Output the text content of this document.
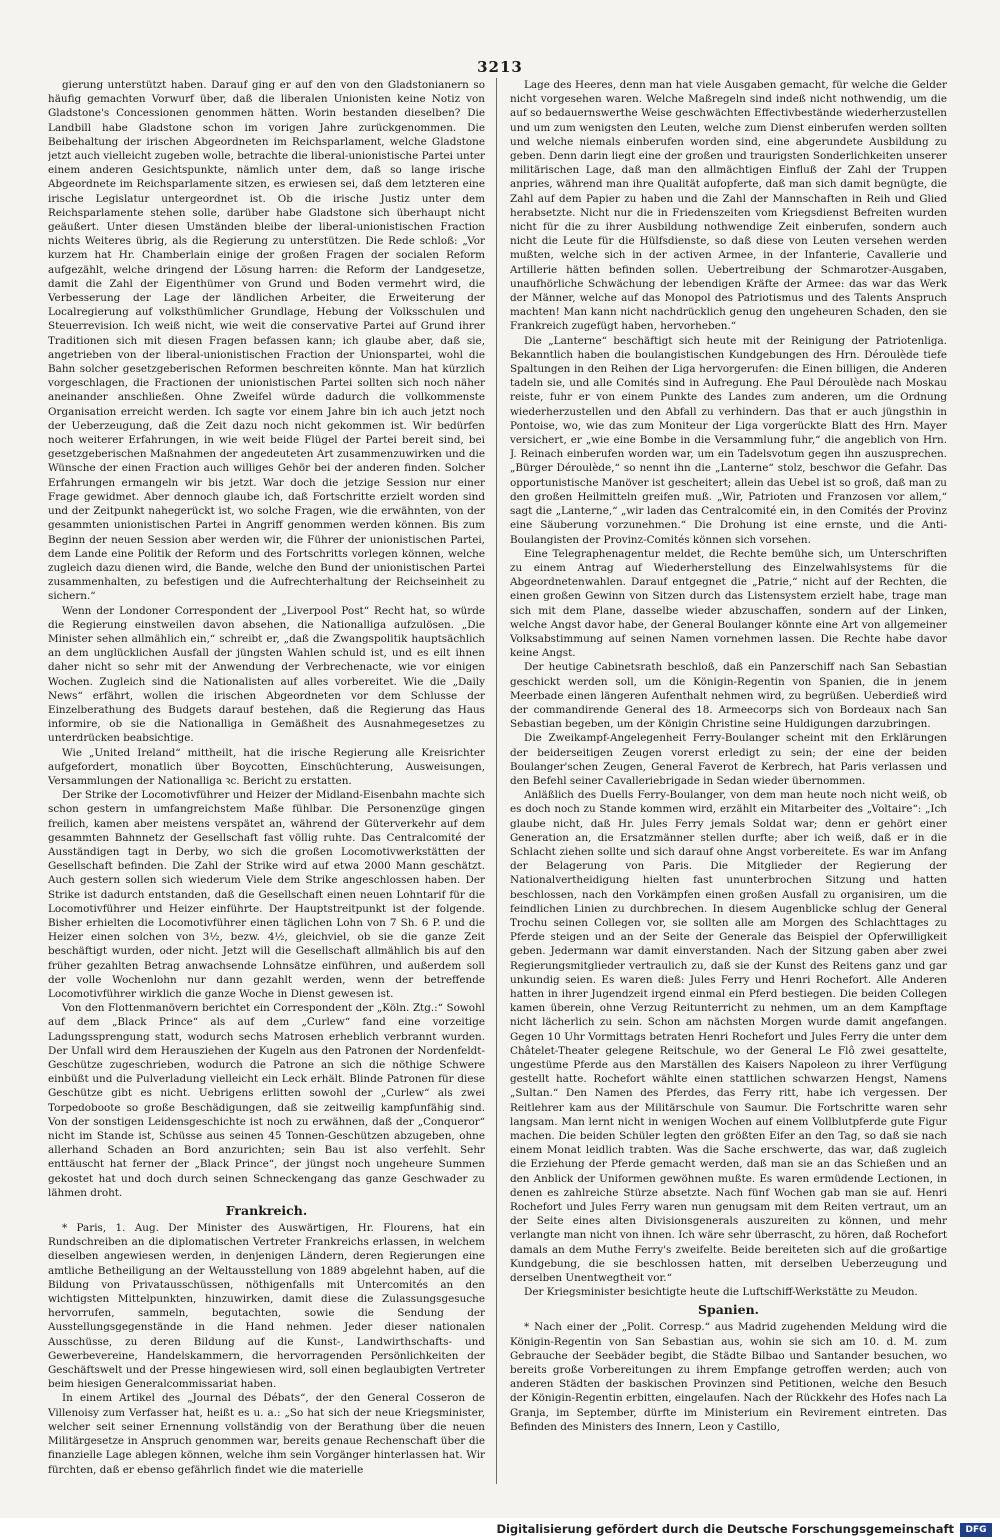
3213

gierung unterstützt haben. Darauf ging er auf den von den Gladstonianern so häufig gemachten Vorwurf über, daß die liberalen Unionisten keine Notiz von Gladstone's Concessionen genommen hätten. Worin bestanden dieselben? Die Landbill habe Gladstone schon im vorigen Jahre zurückgenommen. Die Beibehaltung der irischen Abgeordneten im Reichsparlament, welche Gladstone jetzt auch vielleicht zugeben wolle, betrachte die liberal-unionistische Partei unter einem anderen Gesichtspunkte, nämlich unter dem, daß so lange irische Abgeordnete im Reichsparlamente sitzen, es erwiesen sei, daß dem letzteren eine irische Legislatur untergeordnet ist. Ob die irische Justiz unter dem Reichsparlamente stehen solle, darüber habe Gladstone sich überhaupt nicht geäußert. Unter diesen Umständen bleibe der liberal-unionistischen Fraction nichts Weiteres übrig, als die Regierung zu unterstützen. Die Rede schloß: „Vor kurzem hat Hr. Chamberlain einige der großen Fragen der socialen Reform aufgezählt, welche dringend der Lösung harren: die Reform der Landgesetze, damit die Zahl der Eigenthümer von Grund und Boden vermehrt wird, die Verbesserung der Lage der ländlichen Arbeiter, die Erweiterung der Localregierung auf volksthümlicher Grundlage, Hebung der Volksschulen und Steuerrevision. Ich weiß nicht, wie weit die conservative Partei auf Grund ihrer Traditionen sich mit diesen Fragen befassen kann; ich glaube aber, daß sie, angetrieben von der liberal-unionistischen Fraction der Unionspartei, wohl die Bahn solcher gesetzgeberischen Reformen beschreiten könnte. Man hat kürzlich vorgeschlagen, die Fractionen der unionistischen Partei sollten sich noch näher aneinander anschließen. Ohne Zweifel würde dadurch die vollkommenste Organisation erreicht werden. Ich sagte vor einem Jahre bin ich auch jetzt noch der Ueberzeugung, daß die Zeit dazu noch nicht gekommen ist. Wir bedürfen noch weiterer Erfahrungen, in wie weit beide Flügel der Partei bereit sind, bei gesetzgeberischen Maßnahmen der angedeuteten Art zusammenzuwirken und die Wünsche der einen Fraction auch williges Gehör bei der anderen finden. Solcher Erfahrungen ermangeln wir bis jetzt. War doch die jetzige Session nur einer Frage gewidmet. Aber dennoch glaube ich, daß Fortschritte erzielt worden sind und der Zeitpunkt nahegerückt ist, wo solche Fragen, wie die erwähnten, von der gesammten unionistischen Partei in Angriff genommen werden können. Bis zum Beginn der neuen Session aber werden wir, die Führer der unionistischen Partei, dem Lande eine Politik der Reform und des Fortschritts vorlegen können, welche zugleich dazu dienen wird, die Bande, welche den Bund der unionistischen Partei zusammenhalten, zu befestigen und die Aufrechterhaltung der Reichseinheit zu sichern.“

Wenn der Londoner Correspondent der „Liverpool Post“ Recht hat, so würde die Regierung einstweilen davon absehen, die Nationalliga aufzulösen. „Die Minister sehen allmählich ein,“ schreibt er, „daß die Zwangspolitik hauptsächlich an dem unglücklichen Ausfall der jüngsten Wahlen schuld ist, und es eilt ihnen daher nicht so sehr mit der Anwendung der Verbrechenacte, wie vor einigen Wochen. Zugleich sind die Nationalisten auf alles vorbereitet. Wie die „Daily News“ erfährt, wollen die irischen Abgeordneten vor dem Schlusse der Einzelberathung des Budgets darauf bestehen, daß die Regierung das Haus informire, ob sie die Nationalliga in Gemäßheit des Ausnahmegesetzes zu unterdrücken beabsichtige.

Wie „United Ireland“ mittheilt, hat die irische Regierung alle Kreisrichter aufgefordert, monatlich über Boycotten, Einschüchterung, Ausweisungen, Versammlungen der Nationalliga ꝛc. Bericht zu erstatten.

Der Strike der Locomotivführer und Heizer der Midland-Eisenbahn machte sich schon gestern in umfangreichstem Maße fühlbar. Die Personenzüge gingen freilich, kamen aber meistens verspätet an, während der Güterverkehr auf dem gesammten Bahnnetz der Gesellschaft fast völlig ruhte. Das Centralcomité der Ausständigen tagt in Derby, wo sich die großen Locomotivwerkstätten der Gesellschaft befinden. Die Zahl der Strike wird auf etwa 2000 Mann geschätzt. Auch gestern sollen sich wiederum Viele dem Strike angeschlossen haben. Der Strike ist dadurch entstanden, daß die Gesellschaft einen neuen Lohntarif für die Locomotivführer und Heizer einführte. Der Hauptstreitpunkt ist der folgende. Bisher erhielten die Locomotivführer einen täglichen Lohn von 7 Sh. 6 P. und die Heizer einen solchen von 3½, bezw. 4½, gleichviel, ob sie die ganze Zeit beschäftigt wurden, oder nicht. Jetzt will die Gesellschaft allmählich bis auf den früher gezahlten Betrag anwachsende Lohnsätze einführen, und außerdem soll der volle Wochenlohn nur dann gezahlt werden, wenn der betreffende Locomotivführer wirklich die ganze Woche in Dienst gewesen ist.

Von den Flottenmanövern berichtet ein Correspondent der „Köln. Ztg.:“ Sowohl auf dem „Black Prince“ als auf dem „Curlew“ fand eine vorzeitige Ladungssprengung statt, wodurch sechs Matrosen erheblich verbrannt wurden. Der Unfall wird dem Herausziehen der Kugeln aus den Patronen der Nordenfeldt-Geschütze zugeschrieben, wodurch die Patrone an sich die nöthige Schwere einbüßt und die Pulverladung vielleicht ein Leck erhält. Blinde Patronen für diese Geschütze gibt es nicht. Uebrigens erlitten sowohl der „Curlew“ als zwei Torpedoboote so große Beschädigungen, daß sie zeitweilig kampfunfähig sind. Von der sonstigen Leidensgeschichte ist noch zu erwähnen, daß der „Conqueror“ nicht im Stande ist, Schüsse aus seinen 45 Tonnen-Geschützen abzugeben, ohne allerhand Schaden an Bord anzurichten; sein Bau ist also verfehlt. Sehr enttäuscht hat ferner der „Black Prince“, der jüngst noch ungeheure Summen gekostet hat und doch durch seinen Schneckengang das ganze Geschwader zu lähmen droht.

Frankreich.

* Paris, 1. Aug. Der Minister des Auswärtigen, Hr. Flourens, hat ein Rundschreiben an die diplomatischen Vertreter Frankreichs erlassen, in welchem dieselben angewiesen werden, in denjenigen Ländern, deren Regierungen eine amtliche Betheiligung an der Weltausstellung von 1889 abgelehnt haben, auf die Bildung von Privatausschüssen, nöthigenfalls mit Untercomités an den wichtigsten Mittelpunkten, hinzuwirken, damit diese die Zulassungsgesuche hervorrufen, sammeln, begutachten, sowie die Sendung der Ausstellungsgegenstände in die Hand nehmen. Jeder dieser nationalen Ausschüsse, zu deren Bildung auf die Kunst-, Landwirthschafts- und Gewerbevereine, Handelskammern, die hervorragenden Persönlichkeiten der Geschäftswelt und der Presse hingewiesen wird, soll einen beglaubigten Vertreter beim hiesigen Generalcommissariat haben.

In einem Artikel des „Journal des Débats“, der den General Cosseron de Villenoisy zum Verfasser hat, heißt es u. a.: „So hat sich der neue Kriegsminister, welcher seit seiner Ernennung vollständig von der Berathung über die neuen Militärgesetze in Anspruch genommen war, bereits genaue Rechenschaft über die finanzielle Lage ablegen können, welche ihm sein Vorgänger hinterlassen hat. Wir fürchten, daß er ebenso gefährlich findet wie die materielle

Lage des Heeres, denn man hat viele Ausgaben gemacht, für welche die Gelder nicht vorgesehen waren. Welche Maßregeln sind indeß nicht nothwendig, um die auf so bedauernswerthe Weise geschwächten Effectivbestände wiederherzustellen und um zum wenigsten den Leuten, welche zum Dienst einberufen werden sollten und welche niemals einberufen worden sind, eine abgerundete Ausbildung zu geben. Denn darin liegt eine der großen und traurigsten Sonderlichkeiten unserer militärischen Lage, daß man den allmächtigen Einfluß der Zahl der Truppen anpries, während man ihre Qualität aufopferte, daß man sich damit begnügte, die Zahl auf dem Papier zu haben und die Zahl der Mannschaften in Reih und Glied herabsetzte. Nicht nur die in Friedenszeiten vom Kriegsdienst Befreiten wurden nicht für die zu ihrer Ausbildung nothwendige Zeit einberufen, sondern auch nicht die Leute für die Hülfsdienste, so daß diese von Leuten versehen werden mußten, welche sich in der activen Armee, in der Infanterie, Cavallerie und Artillerie hätten befinden sollen. Uebertreibung der Schmarotzer-Ausgaben, unaufhörliche Schwächung der lebendigen Kräfte der Armee: das war das Werk der Männer, welche auf das Monopol des Patriotismus und des Talents Anspruch machten! Man kann nicht nachdrücklich genug den ungeheuren Schaden, den sie Frankreich zugefügt haben, hervorheben.“

Die „Lanterne“ beschäftigt sich heute mit der Reinigung der Patriotenliga. Bekanntlich haben die boulangistischen Kundgebungen des Hrn. Déroulède tiefe Spaltungen in den Reihen der Liga hervorgerufen: die Einen billigen, die Anderen tadeln sie, und alle Comités sind in Aufregung. Ehe Paul Déroulède nach Moskau reiste, fuhr er von einem Punkte des Landes zum anderen, um die Ordnung wiederherzustellen und den Abfall zu verhindern. Das that er auch jüngsthin in Pontoise, wo, wie das zum Moniteur der Liga vorgerückte Blatt des Hrn. Mayer versichert, er „wie eine Bombe in die Versammlung fuhr,“ die angeblich von Hrn. J. Reinach einberufen worden war, um ein Tadelsvotum gegen ihn auszusprechen. „Bürger Déroulède,“ so nennt ihn die „Lanterne“ stolz, beschwor die Gefahr. Das opportunistische Manöver ist gescheitert; allein das Uebel ist so groß, daß man zu den großen Heilmitteln greifen muß. „Wir, Patrioten und Franzosen vor allem,“ sagt die „Lanterne,“ „wir laden das Centralcomité ein, in den Comités der Provinz eine Säuberung vorzunehmen.“ Die Drohung ist eine ernste, und die Anti-Boulangisten der Provinz-Comités können sich vorsehen.

Eine Telegraphenagentur meldet, die Rechte bemühe sich, um Unterschriften zu einem Antrag auf Wiederherstellung des Einzelwahlsystems für die Abgeordnetenwahlen. Darauf entgegnet die „Patrie,“ nicht auf der Rechten, die einen großen Gewinn von Sitzen durch das Listensystem erzielt habe, trage man sich mit dem Plane, dasselbe wieder abzuschaffen, sondern auf der Linken, welche Angst davor habe, der General Boulanger könnte eine Art von allgemeiner Volksabstimmung auf seinen Namen vornehmen lassen. Die Rechte habe davor keine Angst.

Der heutige Cabinetsrath beschloß, daß ein Panzerschiff nach San Sebastian geschickt werden soll, um die Königin-Regentin von Spanien, die in jenem Meerbade einen längeren Aufenthalt nehmen wird, zu begrüßen. Ueberdieß wird der commandirende General des 18. Armeecorps sich von Bordeaux nach San Sebastian begeben, um der Königin Christine seine Huldigungen darzubringen.

Die Zweikampf-Angelegenheit Ferry-Boulanger scheint mit den Erklärungen der beiderseitigen Zeugen vorerst erledigt zu sein; der eine der beiden Boulanger'schen Zeugen, General Faverot de Kerbrech, hat Paris verlassen und den Befehl seiner Cavalleriebrigade in Sedan wieder übernommen.

Anläßlich des Duells Ferry-Boulanger, von dem man heute noch nicht weiß, ob es doch noch zu Stande kommen wird, erzählt ein Mitarbeiter des „Voltaire“: „Ich glaube nicht, daß Hr. Jules Ferry jemals Soldat war; denn er gehört einer Generation an, die Ersatzmänner stellen durfte; aber ich weiß, daß er in die Schlacht ziehen sollte und sich darauf ohne Angst vorbereitete. Es war im Anfang der Belagerung von Paris. Die Mitglieder der Regierung der Nationalvertheidigung hielten fast ununterbrochen Sitzung und hatten beschlossen, nach den Vorkämpfen einen großen Ausfall zu organisiren, um die feindlichen Linien zu durchbrechen. In diesem Augenblicke schlug der General Trochu seinen Collegen vor, sie sollten alle am Morgen des Schlachttages zu Pferde steigen und an der Seite der Generale das Beispiel der Opferwilligkeit geben. Jedermann war damit einverstanden. Nach der Sitzung gaben aber zwei Regierungsmitglieder vertraulich zu, daß sie der Kunst des Reitens ganz und gar unkundig seien. Es waren dieß: Jules Ferry und Henri Rochefort. Alle Anderen hatten in ihrer Jugendzeit irgend einmal ein Pferd bestiegen. Die beiden Collegen kamen überein, ohne Verzug Reitunterricht zu nehmen, um an dem Kampftage nicht lächerlich zu sein. Schon am nächsten Morgen wurde damit angefangen. Gegen 10 Uhr Vormittags betraten Henri Rochefort und Jules Ferry die unter dem Châtelet-Theater gelegene Reitschule, wo der General Le Flô zwei gesattelte, ungestüme Pferde aus den Marställen des Kaisers Napoleon zu ihrer Verfügung gestellt hatte. Rochefort wählte einen stattlichen schwarzen Hengst, Namens „Sultan.“ Den Namen des Pferdes, das Ferry ritt, habe ich vergessen. Der Reitlehrer kam aus der Militärschule von Saumur. Die Fortschritte waren sehr langsam. Man lernt nicht in wenigen Wochen auf einem Vollblutpferde gute Figur machen. Die beiden Schüler legten den größten Eifer an den Tag, so daß sie nach einem Monat leidlich trabten. Was die Sache erschwerte, das war, daß zugleich die Erziehung der Pferde gemacht werden, daß man sie an das Schießen und an den Anblick der Uniformen gewöhnen mußte. Es waren ermüdende Lectionen, in denen es zahlreiche Stürze absetzte. Nach fünf Wochen gab man sie auf. Henri Rochefort und Jules Ferry waren nun genugsam mit dem Reiten vertraut, um an der Seite eines alten Divisionsgenerals auszureiten zu können, und mehr verlangte man nicht von ihnen. Ich wäre sehr überrascht, zu hören, daß Rochefort damals an dem Muthe Ferry's zweifelte. Beide bereiteten sich auf die großartige Kundgebung, die sie beschlossen hatten, mit derselben Ueberzeugung und derselben Unentwegtheit vor.“

Der Kriegsminister besichtigte heute die Luftschiff-Werkstätte zu Meudon.

Spanien.

* Nach einer der „Polit. Corresp.“ aus Madrid zugehenden Meldung wird die Königin-Regentin von San Sebastian aus, wohin sie sich am 10. d. M. zum Gebrauche der Seebäder begibt, die Städte Bilbao und Santander besuchen, wo bereits große Vorbereitungen zu ihrem Empfange getroffen werden; auch von anderen Städten der baskischen Provinzen sind Petitionen, welche den Besuch der Königin-Regentin erbitten, eingelaufen. Nach der Rückkehr des Hofes nach La Granja, im September, dürfte im Ministerium ein Revirement eintreten. Das Befinden des Ministers des Innern, Leon y Castillo,

Digitalisierung gefördert durch die Deutsche Forschungsgemeinschaft	DFG
